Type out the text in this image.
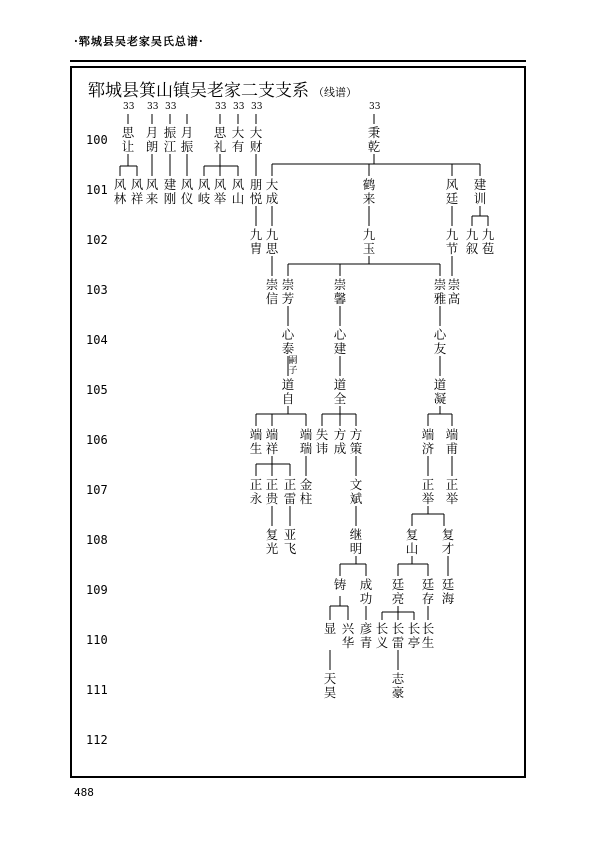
·郓城县吴老家吴氏总谱·
郓城县箕山镇吴老家二支支系 （线谱）
100
101
102
103
104
105
106
107
108
109
110
111
112
33 33 33	33 33 33	33
思让
月朗
振江
月振
思礼
大有
大财
秉乾
风林
风祥
风来
建刚
风仪
风岐
风举
风山
朋悦
大成
鹤来
风廷
建训
九胄
九思
九玉
九节
九叙
九苞
崇信
崇芳
崇馨
崇雅
崇高
心泰
嗣子
心建
心友
道自
道全
道凝
端生
端祥
端瑞
失讳
方成
方策
端济
端甫
正永
正贵
正雷
金柱
文斌
正举
正举
复光
亚飞
继明
复山
复才
铸 成功
廷亮
廷存
廷海
显 兴华
彦青
长义
长雷
长亭
长生
天昊
志豪
488
